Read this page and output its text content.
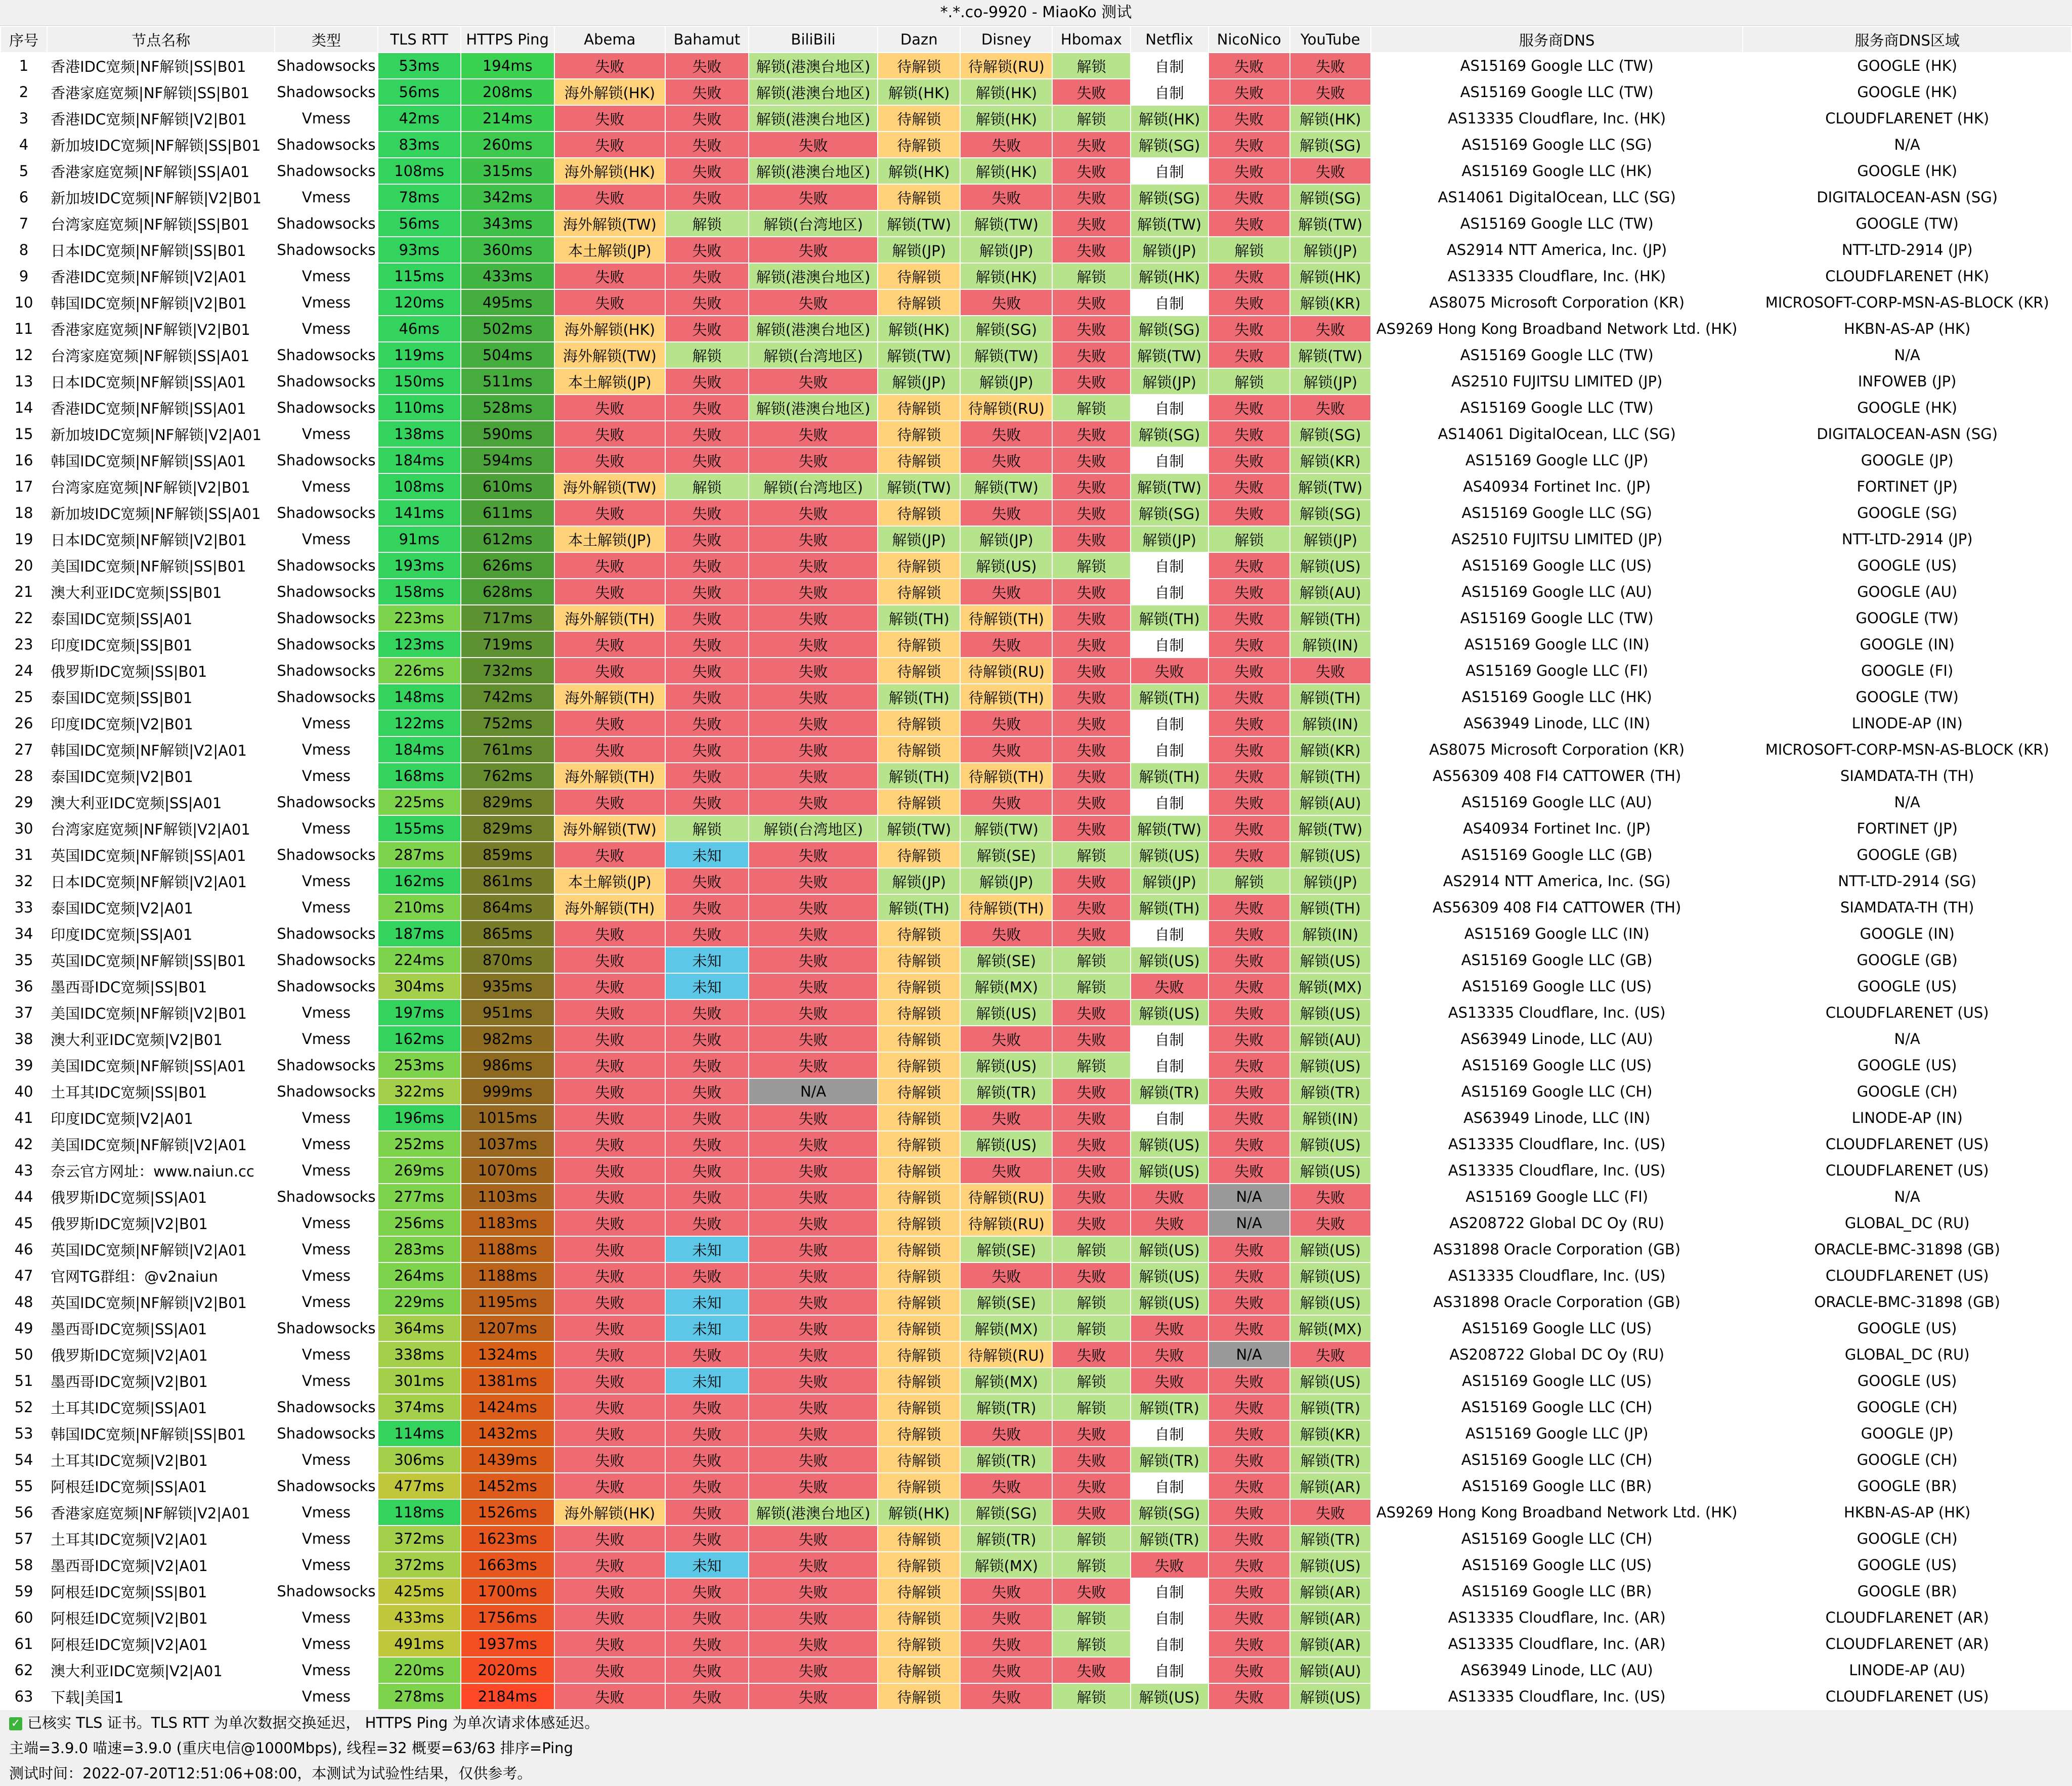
*.*.co-9920 - MiaoKo 测试
序号	节点名称	类型	TLS RTT	HTTPS Ping	Abema	Bahamut	BiliBili	Dazn	Disney	Hbomax	Netflix	NicoNico	YouTube	服务商DNS	服务商DNS区域
1	香港IDC宽频|NF解锁|SS|B01	Shadowsocks	53ms	194ms	失败	失败	解锁(港澳台地区)	待解锁	待解锁(RU)	解锁	自制	失败	失败	AS15169 Google LLC (TW)	GOOGLE (HK)
2	香港家庭宽频|NF解锁|SS|B01	Shadowsocks	56ms	208ms	海外解锁(HK)	失败	解锁(港澳台地区)	解锁(HK)	解锁(HK)	失败	自制	失败	失败	AS15169 Google LLC (TW)	GOOGLE (HK)
3	香港IDC宽频|NF解锁|V2|B01	Vmess	42ms	214ms	失败	失败	解锁(港澳台地区)	待解锁	解锁(HK)	解锁	解锁(HK)	失败	解锁(HK)	AS13335 Cloudflare, Inc. (HK)	CLOUDFLARENET (HK)
4	新加坡IDC宽频|NF解锁|SS|B01	Shadowsocks	83ms	260ms	失败	失败	失败	待解锁	失败	失败	解锁(SG)	失败	解锁(SG)	AS15169 Google LLC (SG)	N/A
5	香港家庭宽频|NF解锁|SS|A01	Shadowsocks	108ms	315ms	海外解锁(HK)	失败	解锁(港澳台地区)	解锁(HK)	解锁(HK)	失败	自制	失败	失败	AS15169 Google LLC (HK)	GOOGLE (HK)
6	新加坡IDC宽频|NF解锁|V2|B01	Vmess	78ms	342ms	失败	失败	失败	待解锁	失败	失败	解锁(SG)	失败	解锁(SG)	AS14061 DigitalOcean, LLC (SG)	DIGITALOCEAN-ASN (SG)
7	台湾家庭宽频|NF解锁|SS|B01	Shadowsocks	56ms	343ms	海外解锁(TW)	解锁	解锁(台湾地区)	解锁(TW)	解锁(TW)	失败	解锁(TW)	失败	解锁(TW)	AS15169 Google LLC (TW)	GOOGLE (TW)
8	日本IDC宽频|NF解锁|SS|B01	Shadowsocks	93ms	360ms	本土解锁(JP)	失败	失败	解锁(JP)	解锁(JP)	失败	解锁(JP)	解锁	解锁(JP)	AS2914 NTT America, Inc. (JP)	NTT-LTD-2914 (JP)
9	香港IDC宽频|NF解锁|V2|A01	Vmess	115ms	433ms	失败	失败	解锁(港澳台地区)	待解锁	解锁(HK)	解锁	解锁(HK)	失败	解锁(HK)	AS13335 Cloudflare, Inc. (HK)	CLOUDFLARENET (HK)
10	韩国IDC宽频|NF解锁|V2|B01	Vmess	120ms	495ms	失败	失败	失败	待解锁	失败	失败	自制	失败	解锁(KR)	AS8075 Microsoft Corporation (KR)	MICROSOFT-CORP-MSN-AS-BLOCK (KR)
11	香港家庭宽频|NF解锁|V2|B01	Vmess	46ms	502ms	海外解锁(HK)	失败	解锁(港澳台地区)	解锁(HK)	解锁(SG)	失败	解锁(SG)	失败	失败	AS9269 Hong Kong Broadband Network Ltd. (HK)	HKBN-AS-AP (HK)
12	台湾家庭宽频|NF解锁|SS|A01	Shadowsocks	119ms	504ms	海外解锁(TW)	解锁	解锁(台湾地区)	解锁(TW)	解锁(TW)	失败	解锁(TW)	失败	解锁(TW)	AS15169 Google LLC (TW)	N/A
13	日本IDC宽频|NF解锁|SS|A01	Shadowsocks	150ms	511ms	本土解锁(JP)	失败	失败	解锁(JP)	解锁(JP)	失败	解锁(JP)	解锁	解锁(JP)	AS2510 FUJITSU LIMITED (JP)	INFOWEB (JP)
14	香港IDC宽频|NF解锁|SS|A01	Shadowsocks	110ms	528ms	失败	失败	解锁(港澳台地区)	待解锁	待解锁(RU)	解锁	自制	失败	失败	AS15169 Google LLC (TW)	GOOGLE (HK)
15	新加坡IDC宽频|NF解锁|V2|A01	Vmess	138ms	590ms	失败	失败	失败	待解锁	失败	失败	解锁(SG)	失败	解锁(SG)	AS14061 DigitalOcean, LLC (SG)	DIGITALOCEAN-ASN (SG)
16	韩国IDC宽频|NF解锁|SS|A01	Shadowsocks	184ms	594ms	失败	失败	失败	待解锁	失败	失败	自制	失败	解锁(KR)	AS15169 Google LLC (JP)	GOOGLE (JP)
17	台湾家庭宽频|NF解锁|V2|B01	Vmess	108ms	610ms	海外解锁(TW)	解锁	解锁(台湾地区)	解锁(TW)	解锁(TW)	失败	解锁(TW)	失败	解锁(TW)	AS40934 Fortinet Inc. (JP)	FORTINET (JP)
18	新加坡IDC宽频|NF解锁|SS|A01	Shadowsocks	141ms	611ms	失败	失败	失败	待解锁	失败	失败	解锁(SG)	失败	解锁(SG)	AS15169 Google LLC (SG)	GOOGLE (SG)
19	日本IDC宽频|NF解锁|V2|B01	Vmess	91ms	612ms	本土解锁(JP)	失败	失败	解锁(JP)	解锁(JP)	失败	解锁(JP)	解锁	解锁(JP)	AS2510 FUJITSU LIMITED (JP)	NTT-LTD-2914 (JP)
20	美国IDC宽频|NF解锁|SS|B01	Shadowsocks	193ms	626ms	失败	失败	失败	待解锁	解锁(US)	解锁	自制	失败	解锁(US)	AS15169 Google LLC (US)	GOOGLE (US)
21	澳大利亚IDC宽频|SS|B01	Shadowsocks	158ms	628ms	失败	失败	失败	待解锁	失败	失败	自制	失败	解锁(AU)	AS15169 Google LLC (AU)	GOOGLE (AU)
22	泰国IDC宽频|SS|A01	Shadowsocks	223ms	717ms	海外解锁(TH)	失败	失败	解锁(TH)	待解锁(TH)	失败	解锁(TH)	失败	解锁(TH)	AS15169 Google LLC (TW)	GOOGLE (TW)
23	印度IDC宽频|SS|B01	Shadowsocks	123ms	719ms	失败	失败	失败	待解锁	失败	失败	自制	失败	解锁(IN)	AS15169 Google LLC (IN)	GOOGLE (IN)
24	俄罗斯IDC宽频|SS|B01	Shadowsocks	226ms	732ms	失败	失败	失败	待解锁	待解锁(RU)	失败	失败	失败	失败	AS15169 Google LLC (FI)	GOOGLE (FI)
25	泰国IDC宽频|SS|B01	Shadowsocks	148ms	742ms	海外解锁(TH)	失败	失败	解锁(TH)	待解锁(TH)	失败	解锁(TH)	失败	解锁(TH)	AS15169 Google LLC (HK)	GOOGLE (TW)
26	印度IDC宽频|V2|B01	Vmess	122ms	752ms	失败	失败	失败	待解锁	失败	失败	自制	失败	解锁(IN)	AS63949 Linode, LLC (IN)	LINODE-AP (IN)
27	韩国IDC宽频|NF解锁|V2|A01	Vmess	184ms	761ms	失败	失败	失败	待解锁	失败	失败	自制	失败	解锁(KR)	AS8075 Microsoft Corporation (KR)	MICROSOFT-CORP-MSN-AS-BLOCK (KR)
28	泰国IDC宽频|V2|B01	Vmess	168ms	762ms	海外解锁(TH)	失败	失败	解锁(TH)	待解锁(TH)	失败	解锁(TH)	失败	解锁(TH)	AS56309 408 FI4 CATTOWER (TH)	SIAMDATA-TH (TH)
29	澳大利亚IDC宽频|SS|A01	Shadowsocks	225ms	829ms	失败	失败	失败	待解锁	失败	失败	自制	失败	解锁(AU)	AS15169 Google LLC (AU)	N/A
30	台湾家庭宽频|NF解锁|V2|A01	Vmess	155ms	829ms	海外解锁(TW)	解锁	解锁(台湾地区)	解锁(TW)	解锁(TW)	失败	解锁(TW)	失败	解锁(TW)	AS40934 Fortinet Inc. (JP)	FORTINET (JP)
31	英国IDC宽频|NF解锁|SS|A01	Shadowsocks	287ms	859ms	失败	未知	失败	待解锁	解锁(SE)	解锁	解锁(US)	失败	解锁(US)	AS15169 Google LLC (GB)	GOOGLE (GB)
32	日本IDC宽频|NF解锁|V2|A01	Vmess	162ms	861ms	本土解锁(JP)	失败	失败	解锁(JP)	解锁(JP)	失败	解锁(JP)	解锁	解锁(JP)	AS2914 NTT America, Inc. (SG)	NTT-LTD-2914 (SG)
33	泰国IDC宽频|V2|A01	Vmess	210ms	864ms	海外解锁(TH)	失败	失败	解锁(TH)	待解锁(TH)	失败	解锁(TH)	失败	解锁(TH)	AS56309 408 FI4 CATTOWER (TH)	SIAMDATA-TH (TH)
34	印度IDC宽频|SS|A01	Shadowsocks	187ms	865ms	失败	失败	失败	待解锁	失败	失败	自制	失败	解锁(IN)	AS15169 Google LLC (IN)	GOOGLE (IN)
35	英国IDC宽频|NF解锁|SS|B01	Shadowsocks	224ms	870ms	失败	未知	失败	待解锁	解锁(SE)	解锁	解锁(US)	失败	解锁(US)	AS15169 Google LLC (GB)	GOOGLE (GB)
36	墨西哥IDC宽频|SS|B01	Shadowsocks	304ms	935ms	失败	未知	失败	待解锁	解锁(MX)	解锁	失败	失败	解锁(MX)	AS15169 Google LLC (US)	GOOGLE (US)
37	美国IDC宽频|NF解锁|V2|B01	Vmess	197ms	951ms	失败	失败	失败	待解锁	解锁(US)	失败	解锁(US)	失败	解锁(US)	AS13335 Cloudflare, Inc. (US)	CLOUDFLARENET (US)
38	澳大利亚IDC宽频|V2|B01	Vmess	162ms	982ms	失败	失败	失败	待解锁	失败	失败	自制	失败	解锁(AU)	AS63949 Linode, LLC (AU)	N/A
39	美国IDC宽频|NF解锁|SS|A01	Shadowsocks	253ms	986ms	失败	失败	失败	待解锁	解锁(US)	解锁	自制	失败	解锁(US)	AS15169 Google LLC (US)	GOOGLE (US)
40	土耳其IDC宽频|SS|B01	Shadowsocks	322ms	999ms	失败	失败	N/A	待解锁	解锁(TR)	失败	解锁(TR)	失败	解锁(TR)	AS15169 Google LLC (CH)	GOOGLE (CH)
41	印度IDC宽频|V2|A01	Vmess	196ms	1015ms	失败	失败	失败	待解锁	失败	失败	自制	失败	解锁(IN)	AS63949 Linode, LLC (IN)	LINODE-AP (IN)
42	美国IDC宽频|NF解锁|V2|A01	Vmess	252ms	1037ms	失败	失败	失败	待解锁	解锁(US)	失败	解锁(US)	失败	解锁(US)	AS13335 Cloudflare, Inc. (US)	CLOUDFLARENET (US)
43	奈云官方网址：www.naiun.cc	Vmess	269ms	1070ms	失败	失败	失败	待解锁	失败	失败	解锁(US)	失败	解锁(US)	AS13335 Cloudflare, Inc. (US)	CLOUDFLARENET (US)
44	俄罗斯IDC宽频|SS|A01	Shadowsocks	277ms	1103ms	失败	失败	失败	待解锁	待解锁(RU)	失败	失败	N/A	失败	AS15169 Google LLC (FI)	N/A
45	俄罗斯IDC宽频|V2|B01	Vmess	256ms	1183ms	失败	失败	失败	待解锁	待解锁(RU)	失败	失败	N/A	失败	AS208722 Global DC Oy (RU)	GLOBAL_DC (RU)
46	英国IDC宽频|NF解锁|V2|A01	Vmess	283ms	1188ms	失败	未知	失败	待解锁	解锁(SE)	解锁	解锁(US)	失败	解锁(US)	AS31898 Oracle Corporation (GB)	ORACLE-BMC-31898 (GB)
47	官网TG群组：@v2naiun	Vmess	264ms	1188ms	失败	失败	失败	待解锁	失败	失败	解锁(US)	失败	解锁(US)	AS13335 Cloudflare, Inc. (US)	CLOUDFLARENET (US)
48	英国IDC宽频|NF解锁|V2|B01	Vmess	229ms	1195ms	失败	未知	失败	待解锁	解锁(SE)	解锁	解锁(US)	失败	解锁(US)	AS31898 Oracle Corporation (GB)	ORACLE-BMC-31898 (GB)
49	墨西哥IDC宽频|SS|A01	Shadowsocks	364ms	1207ms	失败	未知	失败	待解锁	解锁(MX)	解锁	失败	失败	解锁(MX)	AS15169 Google LLC (US)	GOOGLE (US)
50	俄罗斯IDC宽频|V2|A01	Vmess	338ms	1324ms	失败	失败	失败	待解锁	待解锁(RU)	失败	失败	N/A	失败	AS208722 Global DC Oy (RU)	GLOBAL_DC (RU)
51	墨西哥IDC宽频|V2|B01	Vmess	301ms	1381ms	失败	未知	失败	待解锁	解锁(MX)	解锁	失败	失败	解锁(US)	AS15169 Google LLC (US)	GOOGLE (US)
52	土耳其IDC宽频|SS|A01	Shadowsocks	374ms	1424ms	失败	失败	失败	待解锁	解锁(TR)	解锁	解锁(TR)	失败	解锁(TR)	AS15169 Google LLC (CH)	GOOGLE (CH)
53	韩国IDC宽频|NF解锁|SS|B01	Shadowsocks	114ms	1432ms	失败	失败	失败	待解锁	失败	失败	自制	失败	解锁(KR)	AS15169 Google LLC (JP)	GOOGLE (JP)
54	土耳其IDC宽频|V2|B01	Vmess	306ms	1439ms	失败	失败	失败	待解锁	解锁(TR)	失败	解锁(TR)	失败	解锁(TR)	AS15169 Google LLC (CH)	GOOGLE (CH)
55	阿根廷IDC宽频|SS|A01	Shadowsocks	477ms	1452ms	失败	失败	失败	待解锁	失败	失败	自制	失败	解锁(AR)	AS15169 Google LLC (BR)	GOOGLE (BR)
56	香港家庭宽频|NF解锁|V2|A01	Vmess	118ms	1526ms	海外解锁(HK)	失败	解锁(港澳台地区)	解锁(HK)	解锁(SG)	失败	解锁(SG)	失败	失败	AS9269 Hong Kong Broadband Network Ltd. (HK)	HKBN-AS-AP (HK)
57	土耳其IDC宽频|V2|A01	Vmess	372ms	1623ms	失败	失败	失败	待解锁	解锁(TR)	解锁	解锁(TR)	失败	解锁(TR)	AS15169 Google LLC (CH)	GOOGLE (CH)
58	墨西哥IDC宽频|V2|A01	Vmess	372ms	1663ms	失败	未知	失败	待解锁	解锁(MX)	解锁	失败	失败	解锁(US)	AS15169 Google LLC (US)	GOOGLE (US)
59	阿根廷IDC宽频|SS|B01	Shadowsocks	425ms	1700ms	失败	失败	失败	待解锁	失败	失败	自制	失败	解锁(AR)	AS15169 Google LLC (BR)	GOOGLE (BR)
60	阿根廷IDC宽频|V2|B01	Vmess	433ms	1756ms	失败	失败	失败	待解锁	失败	解锁	自制	失败	解锁(AR)	AS13335 Cloudflare, Inc. (AR)	CLOUDFLARENET (AR)
61	阿根廷IDC宽频|V2|A01	Vmess	491ms	1937ms	失败	失败	失败	待解锁	失败	解锁	自制	失败	解锁(AR)	AS13335 Cloudflare, Inc. (AR)	CLOUDFLARENET (AR)
62	澳大利亚IDC宽频|V2|A01	Vmess	220ms	2020ms	失败	失败	失败	待解锁	失败	失败	自制	失败	解锁(AU)	AS63949 Linode, LLC (AU)	LINODE-AP (AU)
63	下载|美国1	Vmess	278ms	2184ms	失败	失败	失败	待解锁	失败	解锁	解锁(US)	失败	解锁(US)	AS13335 Cloudflare, Inc. (US)	CLOUDFLARENET (US)
✓ 已核实 TLS 证书。TLS RTT 为单次数据交换延迟， HTTPS Ping 为单次请求体感延迟。
主端=3.9.0 喵速=3.9.0 (重庆电信@1000Mbps), 线程=32 概要=63/63 排序=Ping
测试时间：2022-07-20T12:51:06+08:00，本测试为试验性结果，仅供参考。
